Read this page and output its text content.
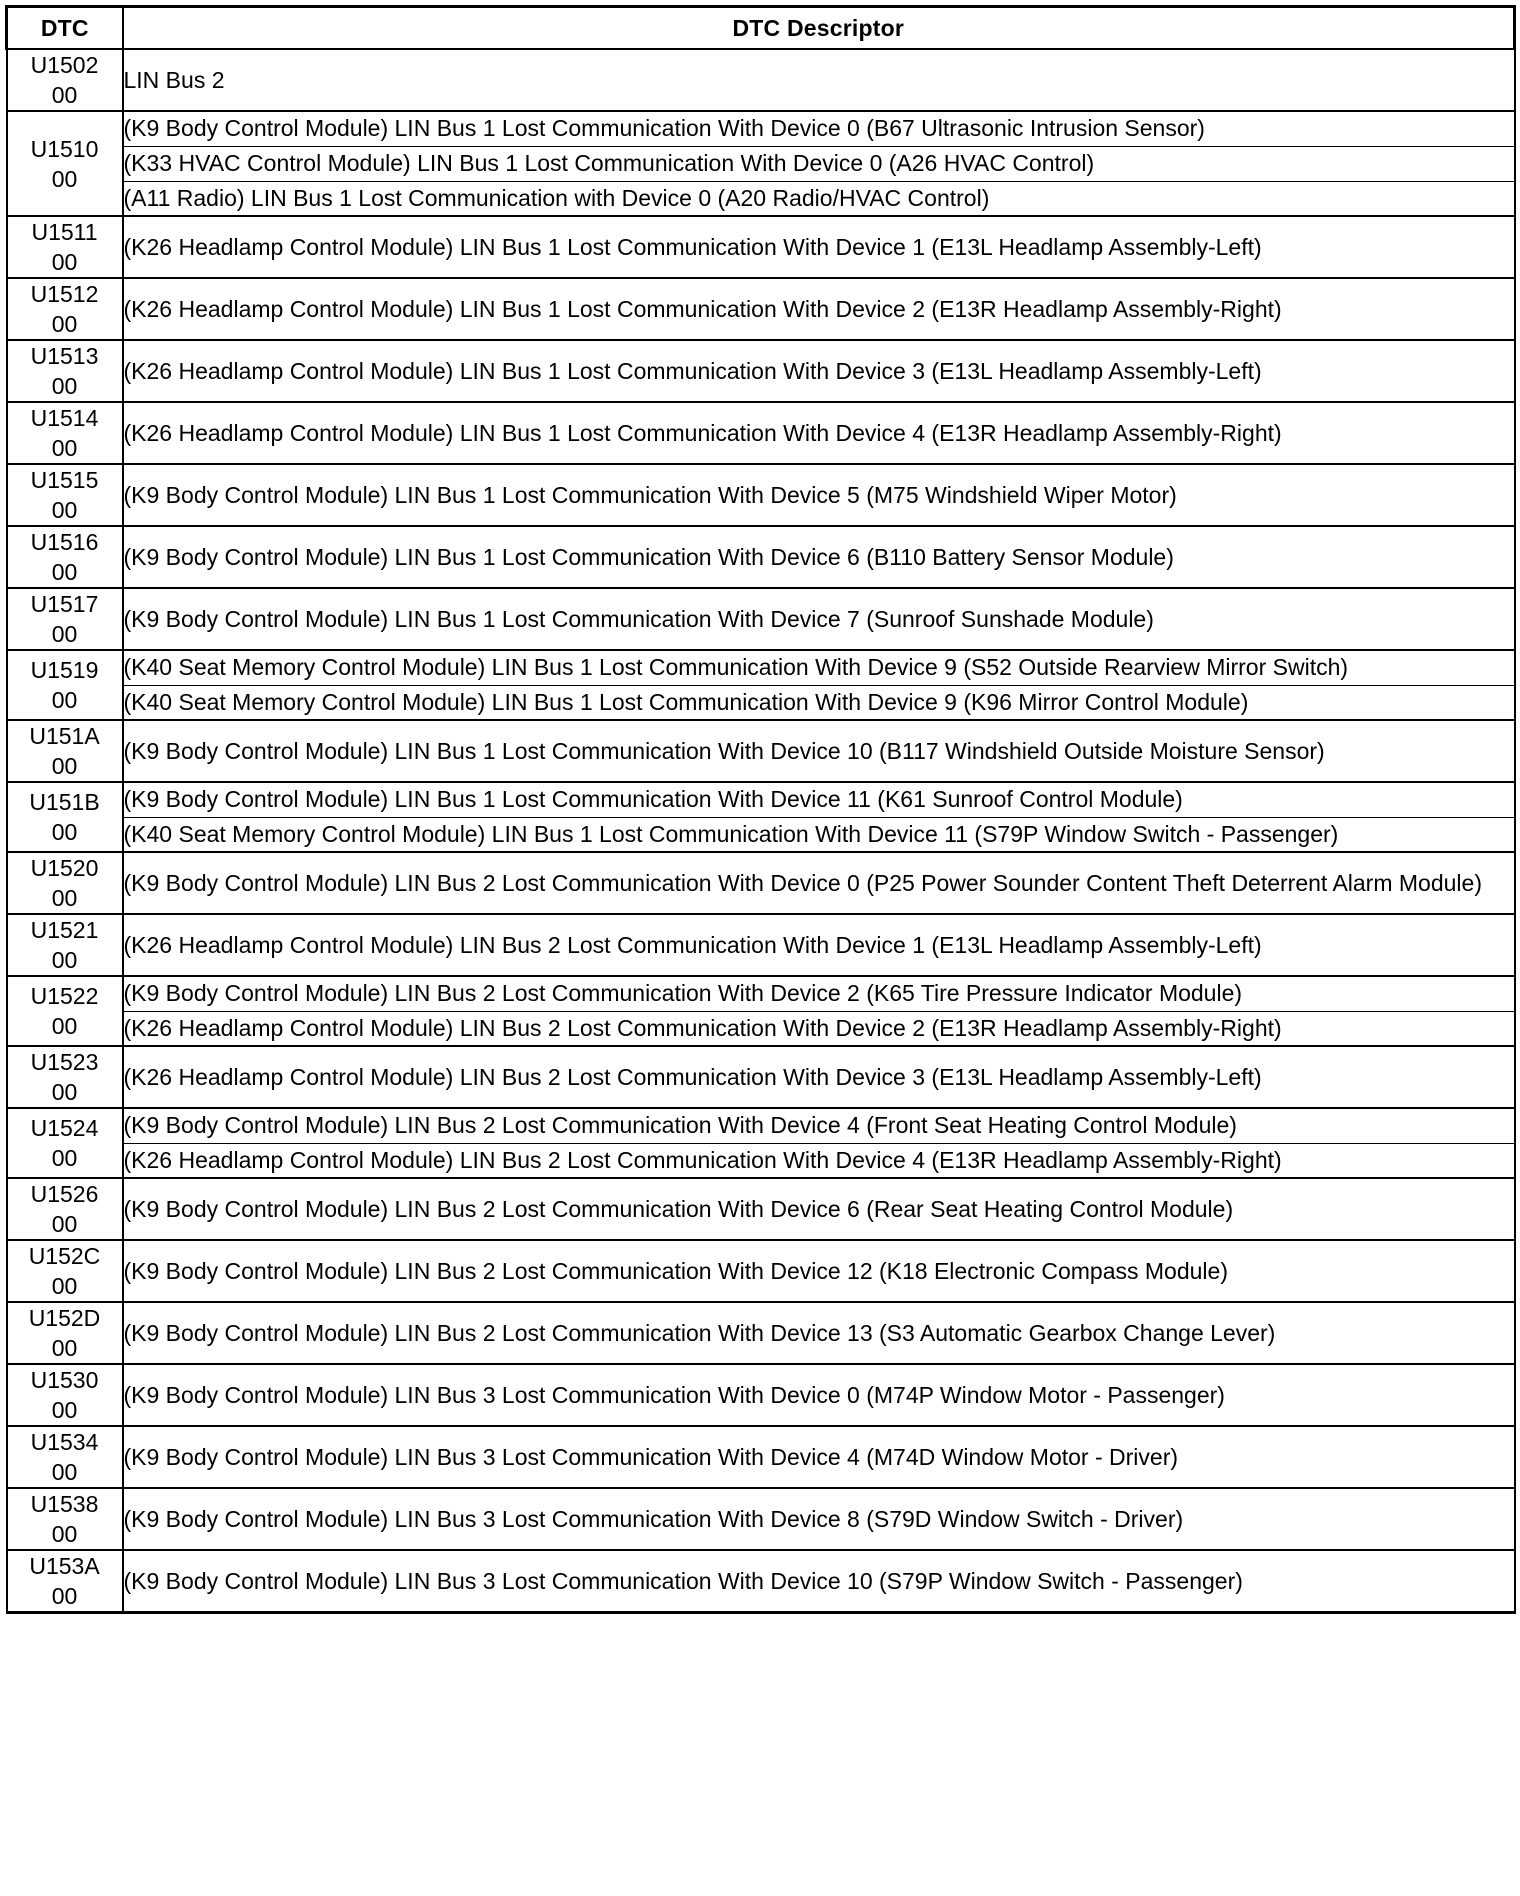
DTC	DTC Descriptor

U1502
00	LIN Bus 2

U1510
00	(K9 Body Control Module) LIN Bus 1 Lost Communication With Device 0 (B67 Ultrasonic Intrusion Sensor)
	(K33 HVAC Control Module) LIN Bus 1 Lost Communication With Device 0 (A26 HVAC Control)
	(A11 Radio) LIN Bus 1 Lost Communication with Device 0 (A20 Radio/HVAC Control)

U1511
00	(K26 Headlamp Control Module) LIN Bus 1 Lost Communication With Device 1 (E13L Headlamp Assembly-Left)

U1512
00	(K26 Headlamp Control Module) LIN Bus 1 Lost Communication With Device 2 (E13R Headlamp Assembly-Right)

U1513
00	(K26 Headlamp Control Module) LIN Bus 1 Lost Communication With Device 3 (E13L Headlamp Assembly-Left)

U1514
00	(K26 Headlamp Control Module) LIN Bus 1 Lost Communication With Device 4 (E13R Headlamp Assembly-Right)

U1515
00	(K9 Body Control Module) LIN Bus 1 Lost Communication With Device 5 (M75 Windshield Wiper Motor)

U1516
00	(K9 Body Control Module) LIN Bus 1 Lost Communication With Device 6 (B110 Battery Sensor Module)

U1517
00	(K9 Body Control Module) LIN Bus 1 Lost Communication With Device 7 (Sunroof Sunshade Module)

U1519
00	(K40 Seat Memory Control Module) LIN Bus 1 Lost Communication With Device 9 (S52 Outside Rearview Mirror Switch)
	(K40 Seat Memory Control Module) LIN Bus 1 Lost Communication With Device 9 (K96 Mirror Control Module)

U151A
00	(K9 Body Control Module) LIN Bus 1 Lost Communication With Device 10 (B117 Windshield Outside Moisture Sensor)

U151B
00	(K9 Body Control Module) LIN Bus 1 Lost Communication With Device 11 (K61 Sunroof Control Module)
	(K40 Seat Memory Control Module) LIN Bus 1 Lost Communication With Device 11 (S79P Window Switch - Passenger)

U1520
00	(K9 Body Control Module) LIN Bus 2 Lost Communication With Device 0 (P25 Power Sounder Content Theft Deterrent Alarm Module)

U1521
00	(K26 Headlamp Control Module) LIN Bus 2 Lost Communication With Device 1 (E13L Headlamp Assembly-Left)

U1522
00	(K9 Body Control Module) LIN Bus 2 Lost Communication With Device 2 (K65 Tire Pressure Indicator Module)
	(K26 Headlamp Control Module) LIN Bus 2 Lost Communication With Device 2 (E13R Headlamp Assembly-Right)

U1523
00	(K26 Headlamp Control Module) LIN Bus 2 Lost Communication With Device 3 (E13L Headlamp Assembly-Left)

U1524
00	(K9 Body Control Module) LIN Bus 2 Lost Communication With Device 4 (Front Seat Heating Control Module)
	(K26 Headlamp Control Module) LIN Bus 2 Lost Communication With Device 4 (E13R Headlamp Assembly-Right)

U1526
00	(K9 Body Control Module) LIN Bus 2 Lost Communication With Device 6 (Rear Seat Heating Control Module)

U152C
00	(K9 Body Control Module) LIN Bus 2 Lost Communication With Device 12 (K18 Electronic Compass Module)

U152D
00	(K9 Body Control Module) LIN Bus 2 Lost Communication With Device 13 (S3 Automatic Gearbox Change Lever)

U1530
00	(K9 Body Control Module) LIN Bus 3 Lost Communication With Device 0 (M74P Window Motor - Passenger)

U1534
00	(K9 Body Control Module) LIN Bus 3 Lost Communication With Device 4 (M74D Window Motor - Driver)

U1538
00	(K9 Body Control Module) LIN Bus 3 Lost Communication With Device 8 (S79D Window Switch - Driver)

U153A
00	(K9 Body Control Module) LIN Bus 3 Lost Communication With Device 10 (S79P Window Switch - Passenger)
